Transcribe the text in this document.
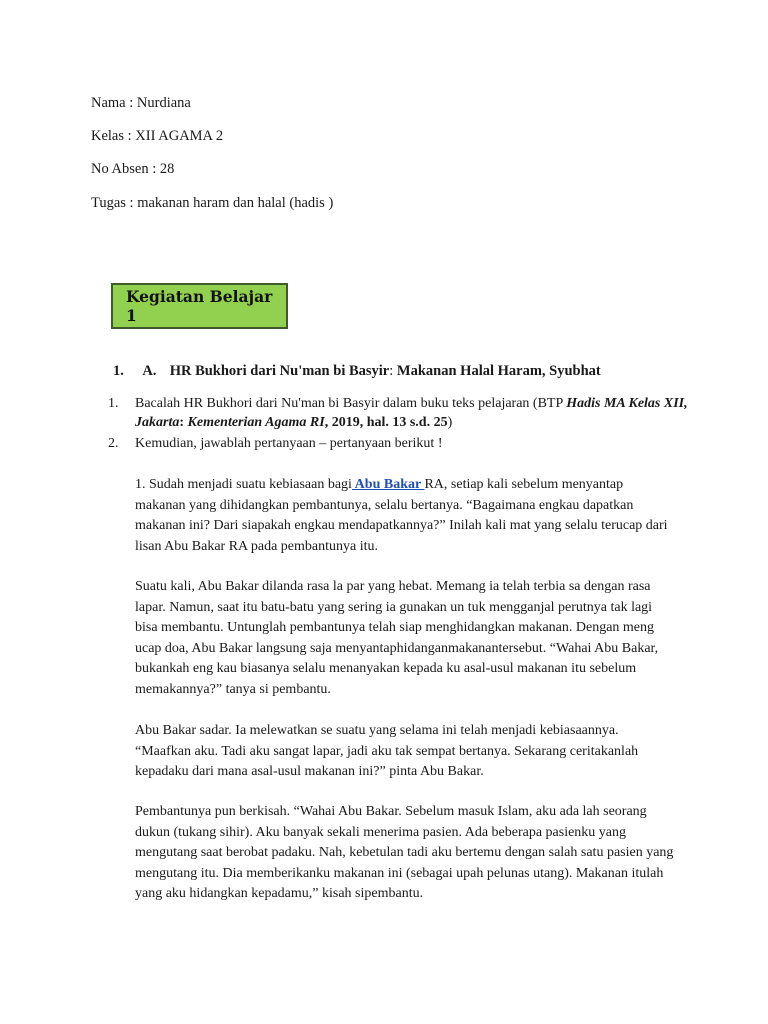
Nama : Nurdiana

Kelas : XII AGAMA 2

No Absen : 28

Tugas : makanan haram dan halal (hadis )

Kegiatan Belajar 1
1. A. HR Bukhori dari Nu'man bi Basyir: Makanan Halal Haram, Syubhat
1. Bacalah HR Bukhori dari Nu'man bi Basyir dalam buku teks pelajaran (BTP Hadis MA Kelas XII, Jakarta: Kementerian Agama RI, 2019, hal. 13 s.d. 25)

2. Kemudian, jawablah pertanyaan – pertanyaan berikut !

1. Sudah menjadi suatu kebiasaan bagi Abu Bakar RA, setiap kali sebelum menyantap makanan yang dihidangkan pembantunya, selalu bertanya. “Bagaimana engkau dapatkan makanan ini? Dari siapakah engkau mendapatkannya?” Inilah kali mat yang selalu terucap dari lisan Abu Bakar RA pada pembantunya itu.

Suatu kali, Abu Bakar dilanda rasa la par yang hebat. Memang ia telah terbia sa dengan rasa lapar. Namun, saat itu batu-batu yang sering ia gunakan un tuk mengganjal perutnya tak lagi bisa membantu. Untunglah pembantunya telah siap menghidangkan makanan. Dengan meng ucap doa, Abu Bakar langsung saja menyantaphidanganmakanantersebut. “Wahai Abu Bakar, bukankah eng kau biasanya selalu menanyakan kepada ku asal-usul makanan itu sebelum memakannya?” tanya si pembantu.

Abu Bakar sadar. Ia melewatkan se suatu yang selama ini telah menjadi kebiasaannya. “Maafkan aku. Tadi aku sangat lapar, jadi aku tak sempat bertanya. Sekarang ceritakanlah kepadaku dari mana asal-usul makanan ini?” pinta Abu Bakar.

Pembantunya pun berkisah. “Wahai Abu Bakar. Sebelum masuk Islam, aku ada lah seorang dukun (tukang sihir). Aku banyak sekali menerima pasien. Ada beberapa pasienku yang mengutang saat berobat padaku. Nah, kebetulan tadi aku bertemu dengan salah satu pasien yang mengutang itu. Dia memberikanku makanan ini (sebagai upah pelunas utang). Makanan itulah yang aku hidangkan kepadamu,” kisah sipembantu.
